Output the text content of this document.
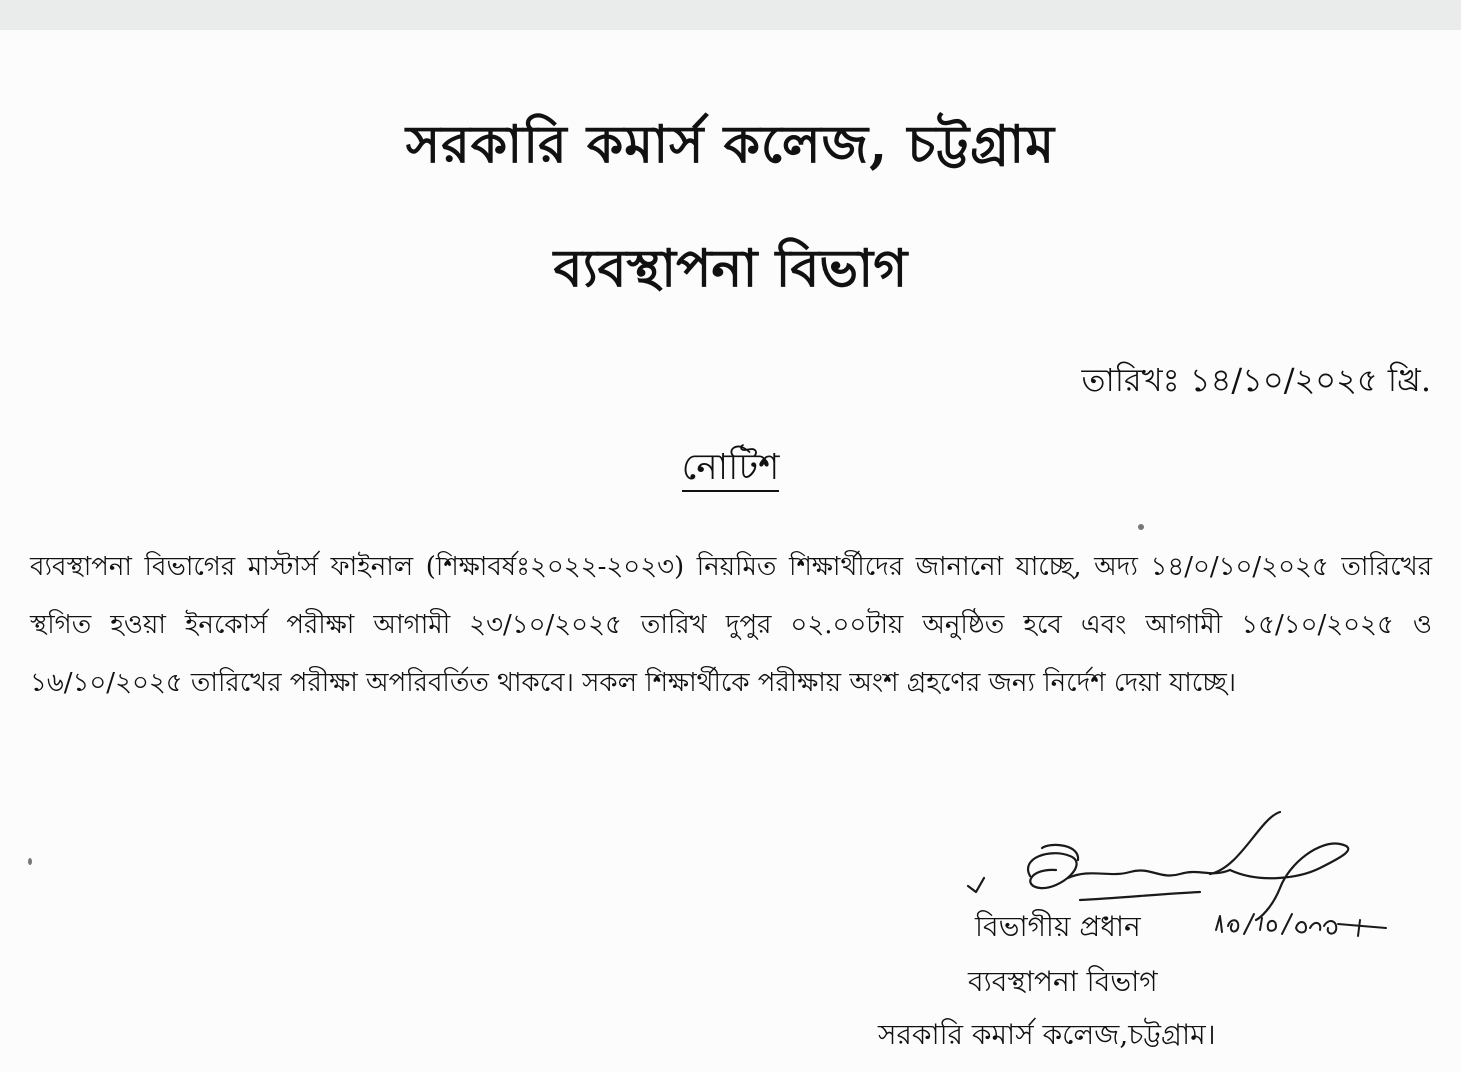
সরকারি কমার্স কলেজ, চট্টগ্রাম
ব্যবস্থাপনা বিভাগ
তারিখঃ ১৪/১০/২০২৫ খ্রি.
নোটিশ
ব্যবস্থাপনা বিভাগের মাস্টার্স ফাইনাল (শিক্ষাবর্ষঃ২০২২-২০২৩) নিয়মিত শিক্ষার্থীদের জানানো যাচ্ছে, অদ্য ১৪/০/১০/২০২৫ তারিখের স্থগিত হওয়া ইনকোর্স পরীক্ষা আগামী ২৩/১০/২০২৫ তারিখ দুপুর ০২.০০টায় অনুষ্ঠিত হবে এবং আগামী ১৫/১০/২০২৫ ও ১৬/১০/২০২৫ তারিখের পরীক্ষা অপরিবর্তিত থাকবে। সকল শিক্ষার্থীকে পরীক্ষায় অংশ গ্রহণের জন্য নির্দেশ দেয়া যাচ্ছে।
বিভাগীয় প্রধান
ব্যবস্থাপনা বিভাগ
সরকারি কমার্স কলেজ,চট্টগ্রাম।
